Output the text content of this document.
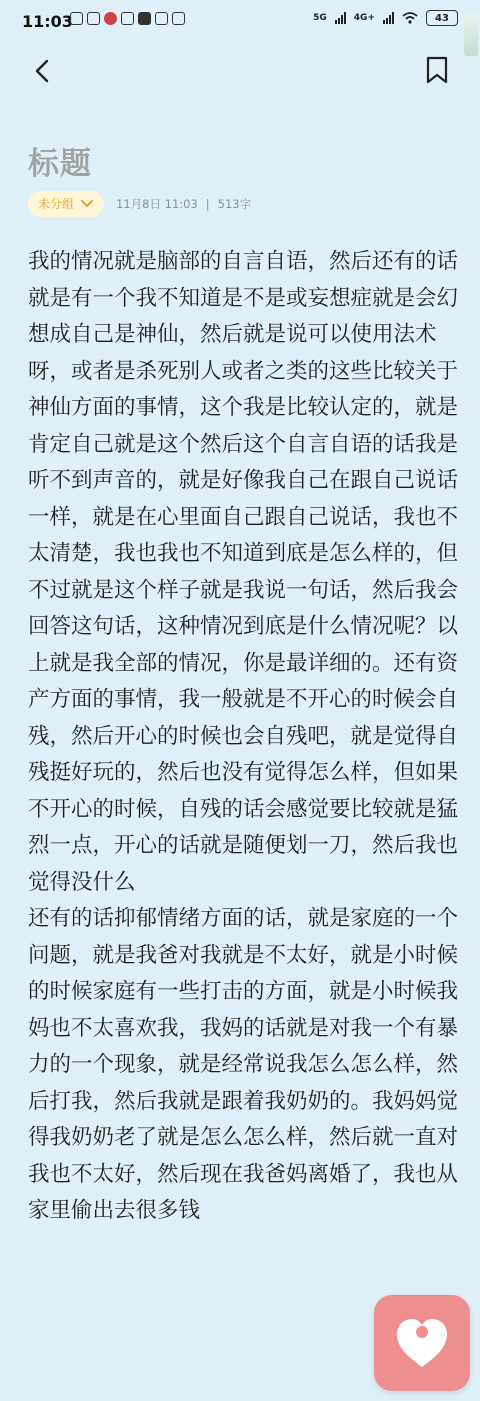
11:03	5G	4G+	43
标题
未分组	11月8日 11:03 | 513字

我的情况就是脑部的自言自语，然后还有的话就是有一个我不知道是不是或妄想症就是会幻想成自己是神仙，然后就是说可以使用法术呀，或者是杀死别人或者之类的这些比较关于神仙方面的事情，这个我是比较认定的，就是肯定自己就是这个然后这个自言自语的话我是听不到声音的，就是好像我自己在跟自己说话一样，就是在心里面自己跟自己说话，我也不太清楚，我也我也不知道到底是怎么样的，但不过就是这个样子就是我说一句话，然后我会回答这句话，这种情况到底是什么情况呢？以上就是我全部的情况，你是最详细的。还有资产方面的事情，我一般就是不开心的时候会自残，然后开心的时候也会自残吧，就是觉得自残挺好玩的，然后也没有觉得怎么样，但如果不开心的时候，自残的话会感觉要比较就是猛烈一点，开心的话就是随便划一刀，然后我也觉得没什么

还有的话抑郁情绪方面的话，就是家庭的一个问题，就是我爸对我就是不太好，就是小时候的时候家庭有一些打击的方面，就是小时候我妈也不太喜欢我，我妈的话就是对我一个有暴力的一个现象，就是经常说我怎么怎么样，然后打我，然后我就是跟着我奶奶的。我妈妈觉得我奶奶老了就是怎么怎么样，然后就一直对我也不太好，然后现在我爸妈离婚了，我也从家里偷出去很多钱
